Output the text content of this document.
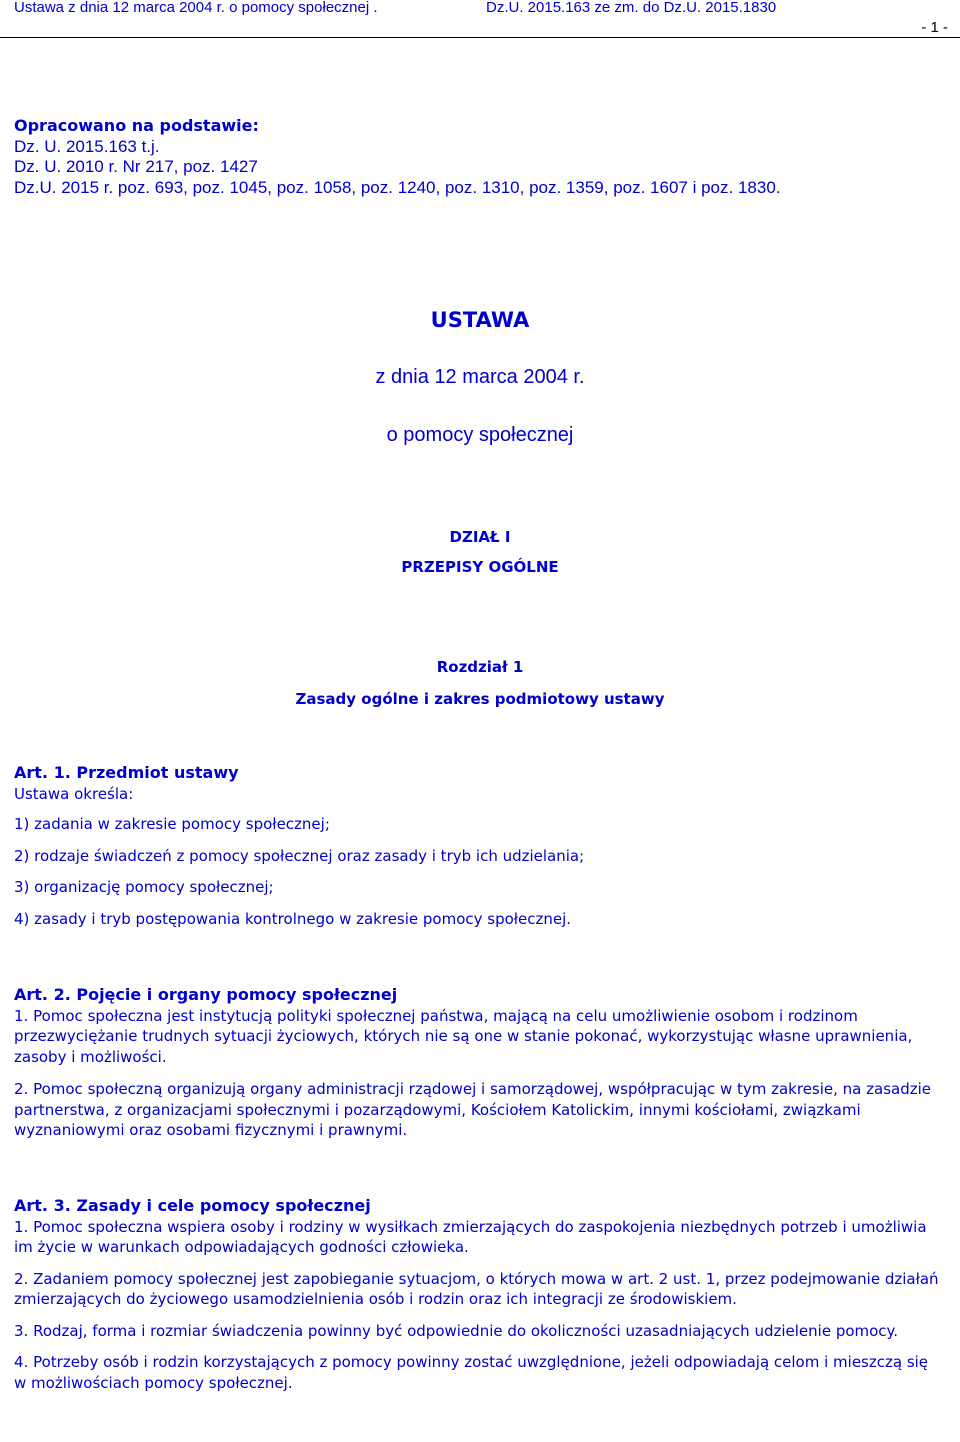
Ustawa z dnia 12 marca 2004 r. o pomocy społecznej .	Dz.U. 2015.163 ze zm. do Dz.U. 2015.1830
- 1 -
Opracowano na podstawie:
Dz. U. 2015.163 t.j.
Dz. U. 2010 r. Nr 217, poz. 1427
Dz.U. 2015 r. poz. 693, poz. 1045, poz. 1058, poz. 1240, poz. 1310, poz. 1359, poz. 1607 i poz. 1830.
USTAWA
z dnia 12 marca 2004 r.
o pomocy społecznej
DZIAŁ I
PRZEPISY OGÓLNE
Rozdział 1
Zasady ogólne i zakres podmiotowy ustawy
Art. 1. Przedmiot ustawy
Ustawa określa:
1) zadania w zakresie pomocy społecznej;
2) rodzaje świadczeń z pomocy społecznej oraz zasady i tryb ich udzielania;
3) organizację pomocy społecznej;
4) zasady i tryb postępowania kontrolnego w zakresie pomocy społecznej.
Art. 2. Pojęcie i organy pomocy społecznej
1. Pomoc społeczna jest instytucją polityki społecznej państwa, mającą na celu umożliwienie osobom i rodzinom przezwyciężanie trudnych sytuacji życiowych, których nie są one w stanie pokonać, wykorzystując własne uprawnienia, zasoby i możliwości.
2. Pomoc społeczną organizują organy administracji rządowej i samorządowej, współpracując w tym zakresie, na zasadzie partnerstwa, z organizacjami społecznymi i pozarządowymi, Kościołem Katolickim, innymi kościołami, związkami wyznaniowymi oraz osobami fizycznymi i prawnymi.
Art. 3. Zasady i cele pomocy społecznej
1. Pomoc społeczna wspiera osoby i rodziny w wysiłkach zmierzających do zaspokojenia niezbędnych potrzeb i umożliwia im życie w warunkach odpowiadających godności człowieka.
2. Zadaniem pomocy społecznej jest zapobieganie sytuacjom, o których mowa w art. 2 ust. 1, przez podejmowanie działań zmierzających do życiowego usamodzielnienia osób i rodzin oraz ich integracji ze środowiskiem.
3. Rodzaj, forma i rozmiar świadczenia powinny być odpowiednie do okoliczności uzasadniających udzielenie pomocy.
4. Potrzeby osób i rodzin korzystających z pomocy powinny zostać uwzględnione, jeżeli odpowiadają celom i mieszczą się w możliwościach pomocy społecznej.
